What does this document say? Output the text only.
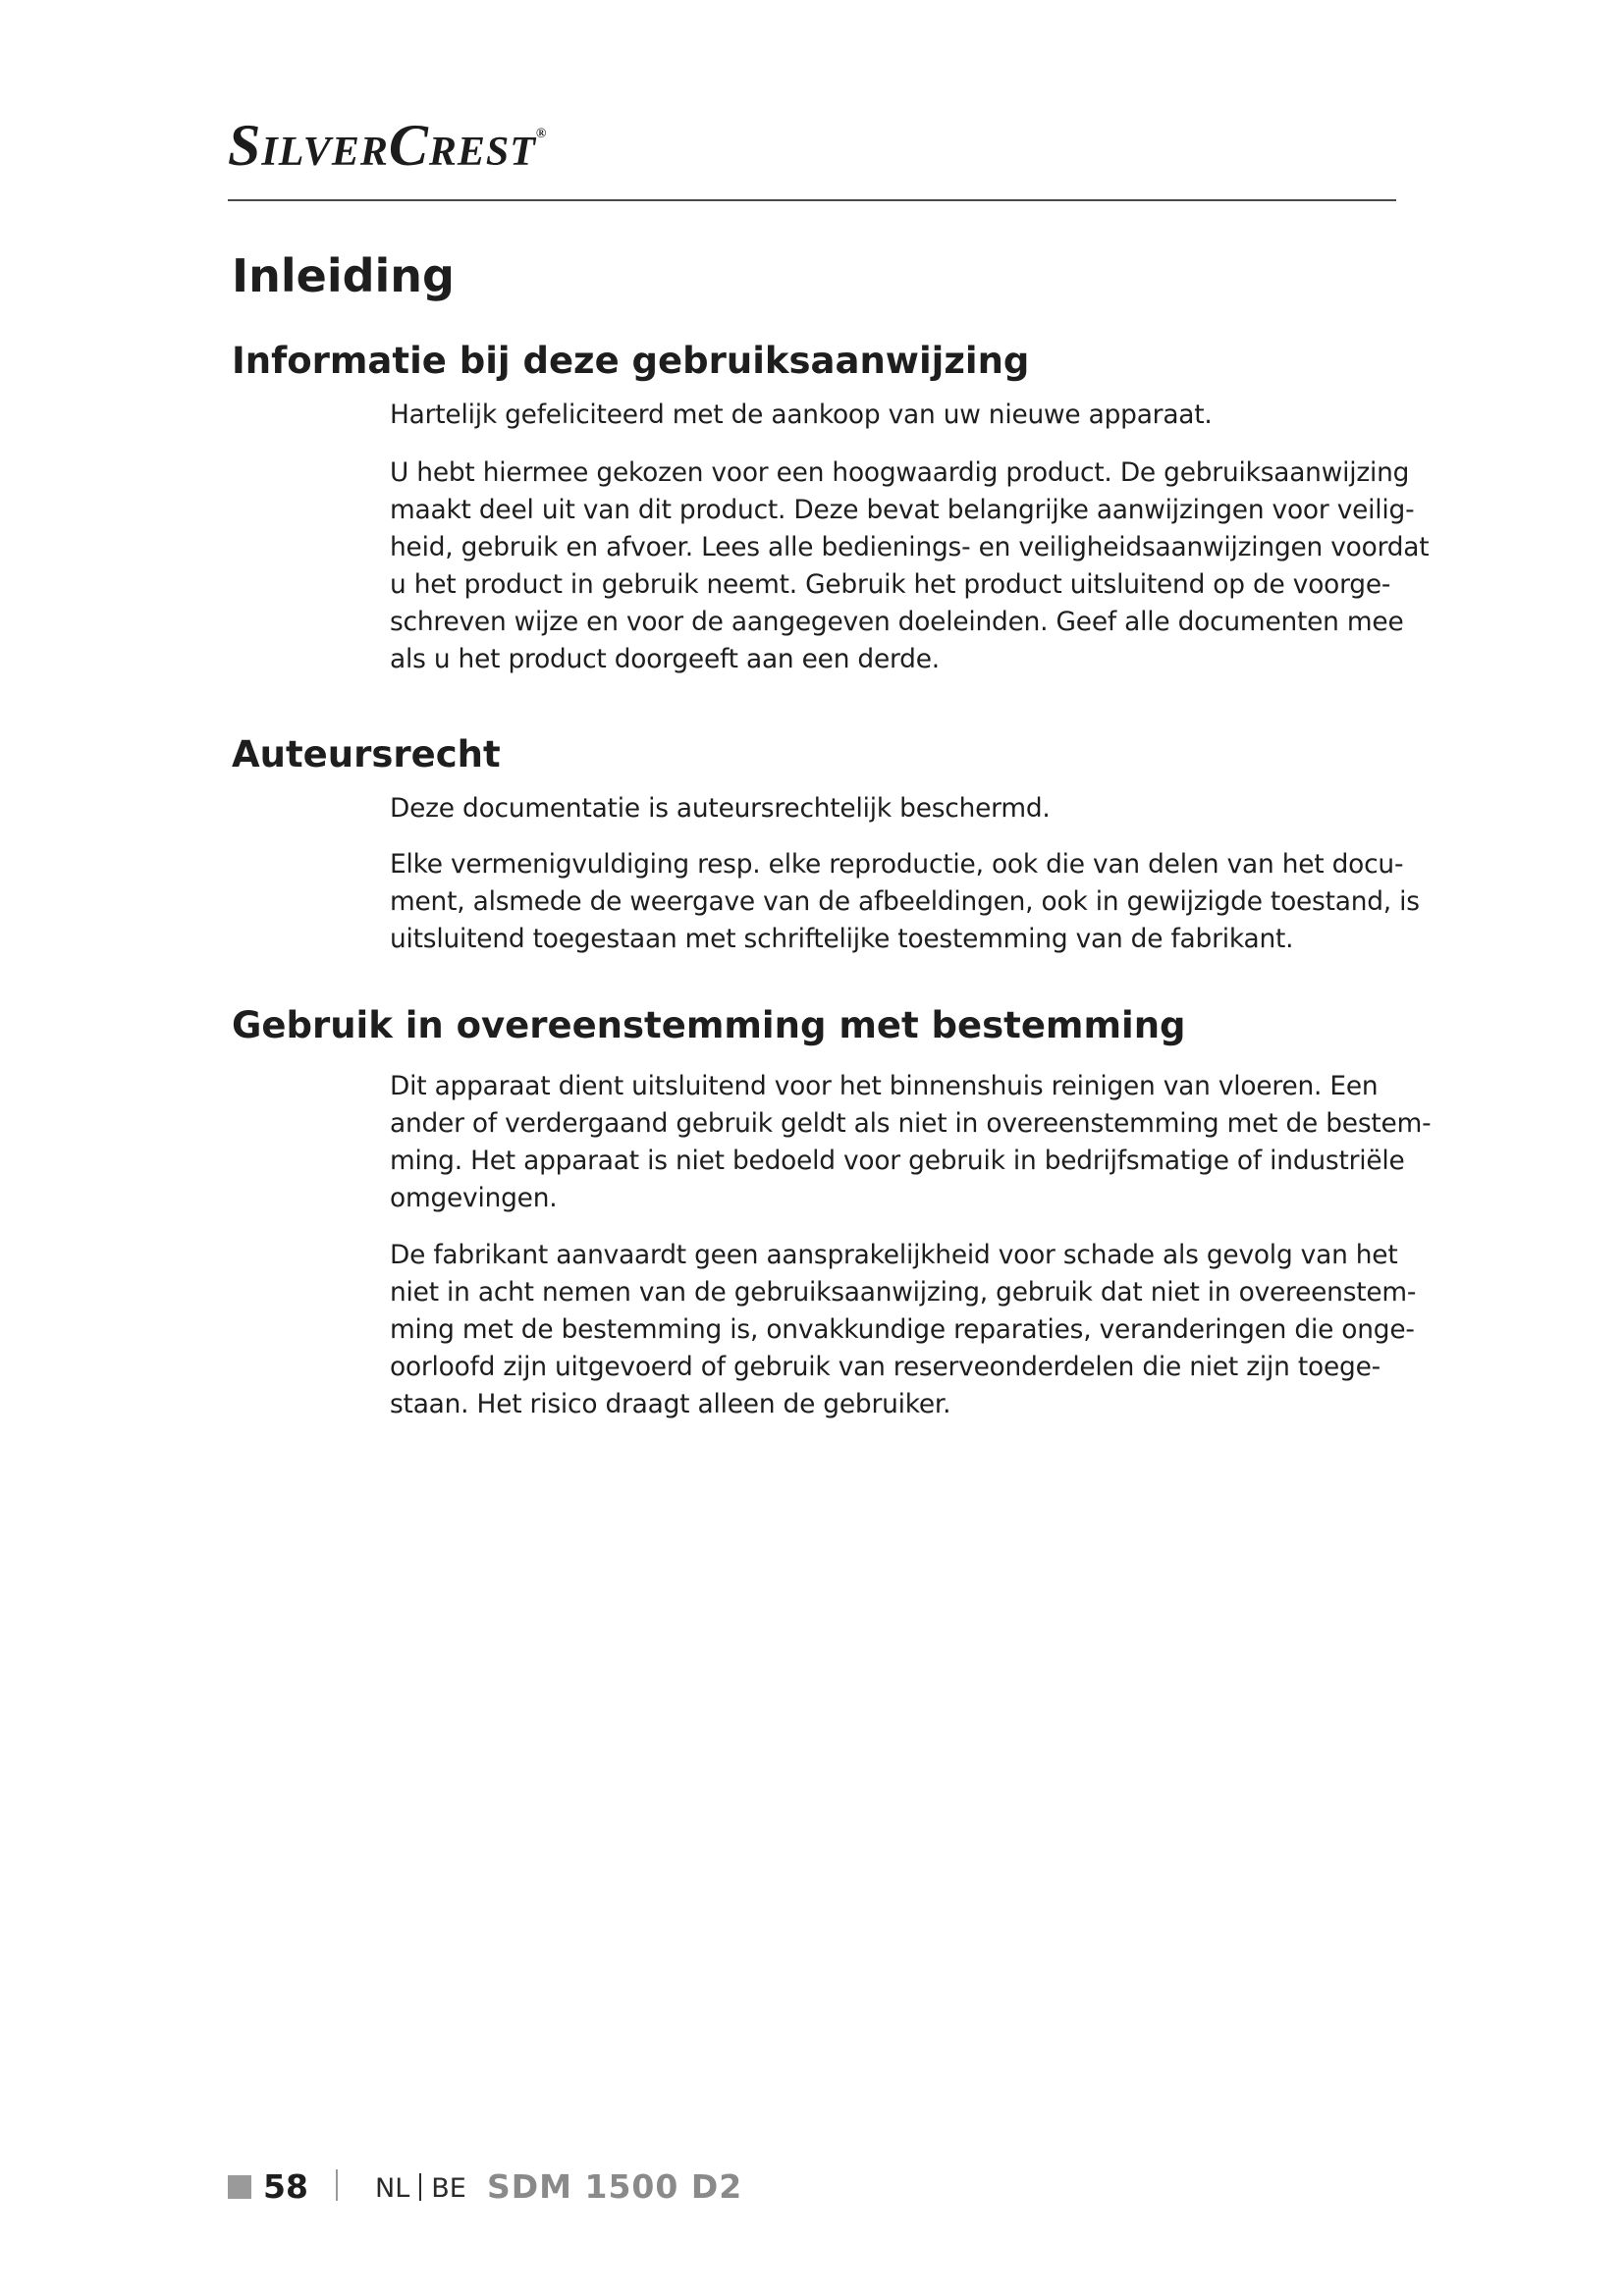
SilverCrest®
Inleiding
Informatie bij deze gebruiksaanwijzing

Hartelijk gefeliciteerd met de aankoop van uw nieuwe apparaat.

U hebt hiermee gekozen voor een hoogwaardig product. De gebruiksaanwijzing
maakt deel uit van dit product. Deze bevat belangrijke aanwijzingen voor veilig-
heid, gebruik en afvoer. Lees alle bedienings- en veiligheidsaanwijzingen voordat
u het product in gebruik neemt. Gebruik het product uitsluitend op de voorge-
schreven wijze en voor de aangegeven doeleinden. Geef alle documenten mee
als u het product doorgeeft aan een derde.

Auteursrecht

Deze documentatie is auteursrechtelijk beschermd.

Elke vermenigvuldiging resp. elke reproductie, ook die van delen van het docu-
ment, alsmede de weergave van de afbeeldingen, ook in gewijzigde toestand, is
uitsluitend toegestaan met schriftelijke toestemming van de fabrikant.

Gebruik in overeenstemming met bestemming

Dit apparaat dient uitsluitend voor het binnenshuis reinigen van vloeren. Een
ander of verdergaand gebruik geldt als niet in overeenstemming met de bestem-
ming. Het apparaat is niet bedoeld voor gebruik in bedrijfsmatige of industriële
omgevingen.

De fabrikant aanvaardt geen aansprakelijkheid voor schade als gevolg van het
niet in acht nemen van de gebruiksaanwijzing, gebruik dat niet in overeenstem-
ming met de bestemming is, onvakkundige reparaties, veranderingen die onge-
oorloofd zijn uitgevoerd of gebruik van reserveonderdelen die niet zijn toege-
staan. Het risico draagt alleen de gebruiker.

58	NL BE SDM 1500 D2
